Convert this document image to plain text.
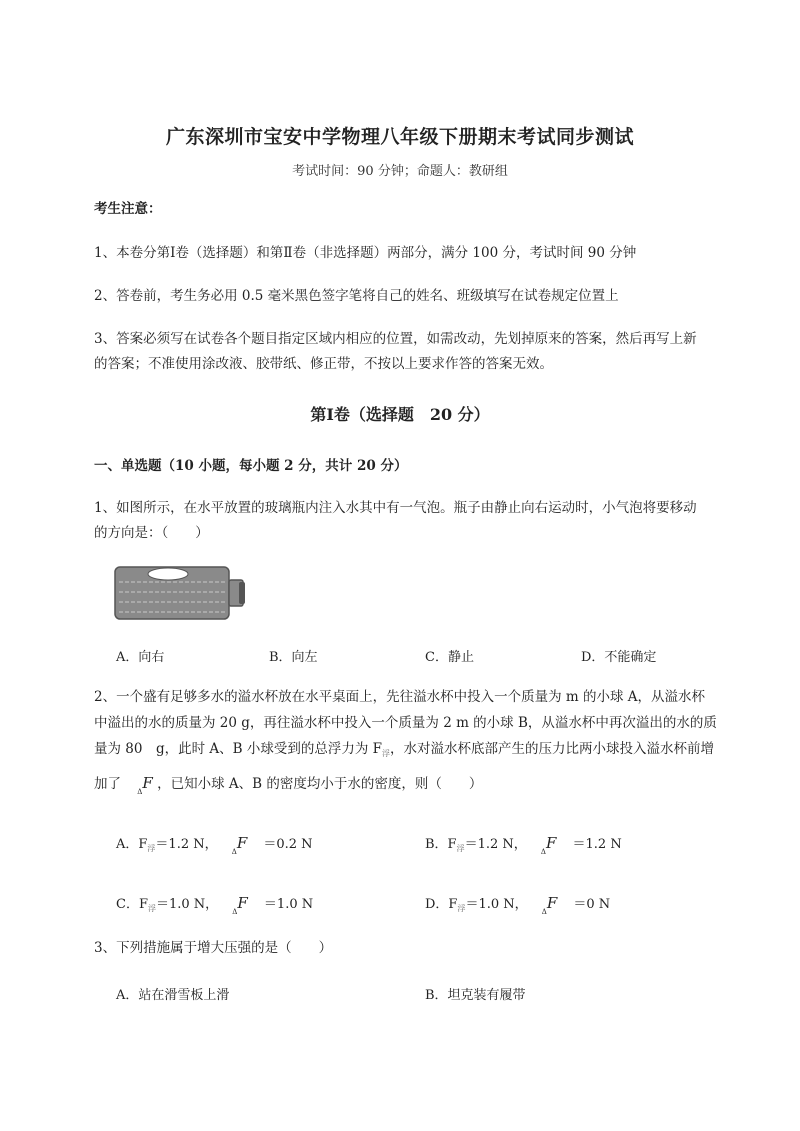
广东深圳市宝安中学物理八年级下册期末考试同步测试
考试时间：90 分钟；命题人：教研组
考生注意：
1、本卷分第Ⅰ卷（选择题）和第Ⅱ卷（非选择题）两部分，满分 100 分，考试时间 90 分钟
2、答卷前，考生务必用 0.5 毫米黑色签字笔将自己的姓名、班级填写在试卷规定位置上
3、答案必须写在试卷各个题目指定区域内相应的位置，如需改动，先划掉原来的答案，然后再写上新
的答案；不准使用涂改液、胶带纸、修正带，不按以上要求作答的答案无效。
第Ⅰ卷（选择题　20 分）
一、单选题（10 小题，每小题 2 分，共计 20 分）
1、如图所示，在水平放置的玻璃瓶内注入水其中有一气泡。瓶子由静止向右运动时，小气泡将要移动
的方向是：（　　）
A．向右	B．向左	C．静止	D．不能确定
2、一个盛有足够多水的溢水杯放在水平桌面上，先往溢水杯中投入一个质量为 m 的小球 A，从溢水杯
中溢出的水的质量为 20 g，再往溢水杯中投入一个质量为 2 m 的小球 B，从溢水杯中再次溢出的水的质
量为 80　g，此时 A、B 小球受到的总浮力为 $F_浮$，水对溢水杯底部产生的压力比两小球投入溢水杯前增
加了 $_\Delta$F ，已知小球 A、B 的密度均小于水的密度，则（　　）
A．$F_浮=1.2$ N， $_\Delta$F ＝0.2 N	B．$F_浮=1.2$ N， $_\Delta$F ＝1.2 N
C．$F_浮=1.0$ N， $_\Delta$F ＝1.0 N	D．$F_浮=1.0$ N， $_\Delta$F ＝0 N
3、下列措施属于增大压强的是（　　）
A．站在滑雪板上滑	B．坦克装有履带
